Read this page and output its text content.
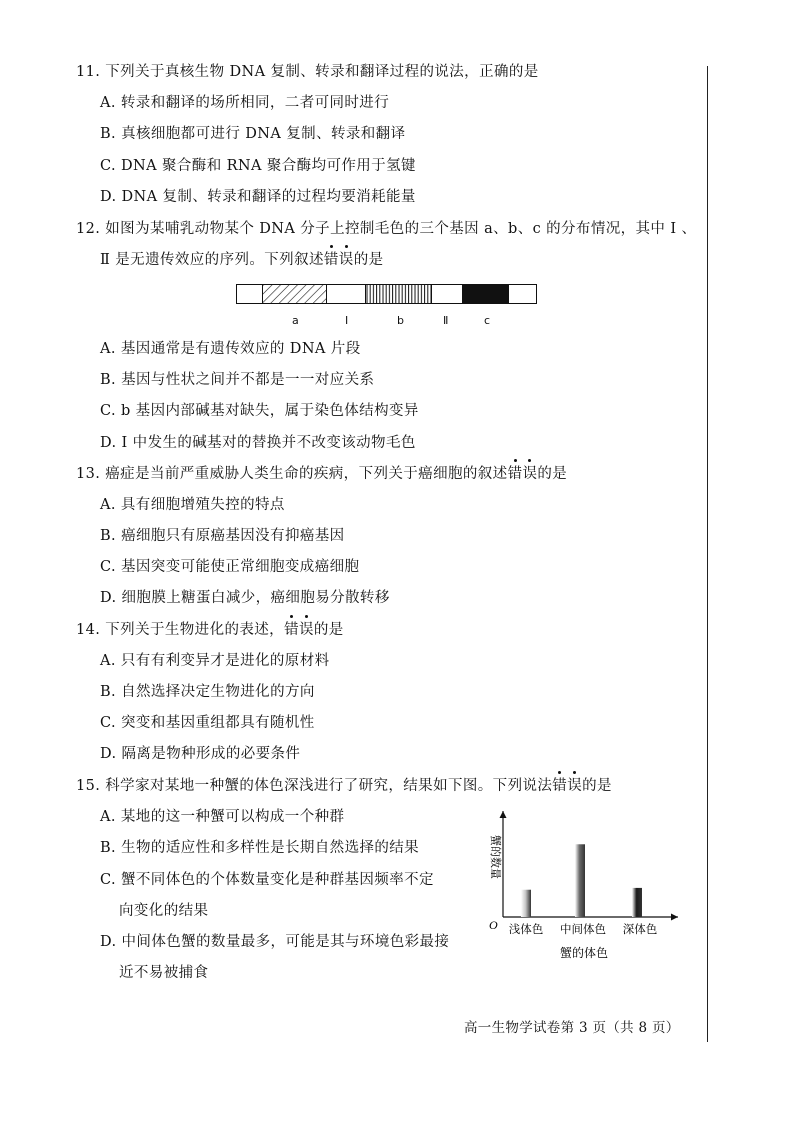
11. 下列关于真核生物 DNA 复制、转录和翻译过程的说法，正确的是
A. 转录和翻译的场所相同，二者可同时进行
B. 真核细胞都可进行 DNA 复制、转录和翻译
C. DNA 聚合酶和 RNA 聚合酶均可作用于氢键
D. DNA 复制、转录和翻译的过程均要消耗能量
12. 如图为某哺乳动物某个 DNA 分子上控制毛色的三个基因 a、b、c 的分布情况，其中 Ⅰ 、
Ⅱ 是无遗传效应的序列。下列叙述错误的是
a	Ⅰ	b	Ⅱ	c
A. 基因通常是有遗传效应的 DNA 片段
B. 基因与性状之间并不都是一一对应关系
C. b 基因内部碱基对缺失，属于染色体结构变异
D. Ⅰ 中发生的碱基对的替换并不改变该动物毛色
13. 癌症是当前严重威胁人类生命的疾病，下列关于癌细胞的叙述错误的是
A. 具有细胞增殖失控的特点
B. 癌细胞只有原癌基因没有抑癌基因
C. 基因突变可能使正常细胞变成癌细胞
D. 细胞膜上糖蛋白减少，癌细胞易分散转移
14. 下列关于生物进化的表述，错误的是
A. 只有有利变异才是进化的原材料
B. 自然选择决定生物进化的方向
C. 突变和基因重组都具有随机性
D. 隔离是物种形成的必要条件
15. 科学家对某地一种蟹的体色深浅进行了研究，结果如下图。下列说法错误的是
A. 某地的这一种蟹可以构成一个种群
B. 生物的适应性和多样性是长期自然选择的结果
C. 蟹不同体色的个体数量变化是种群基因频率不定
向变化的结果
D. 中间体色蟹的数量最多，可能是其与环境色彩最接
近不易被捕食
O
蟹的数量
浅体色 中间体色 深体色
蟹的体色
高一生物学试卷第 3 页（共 8 页）
